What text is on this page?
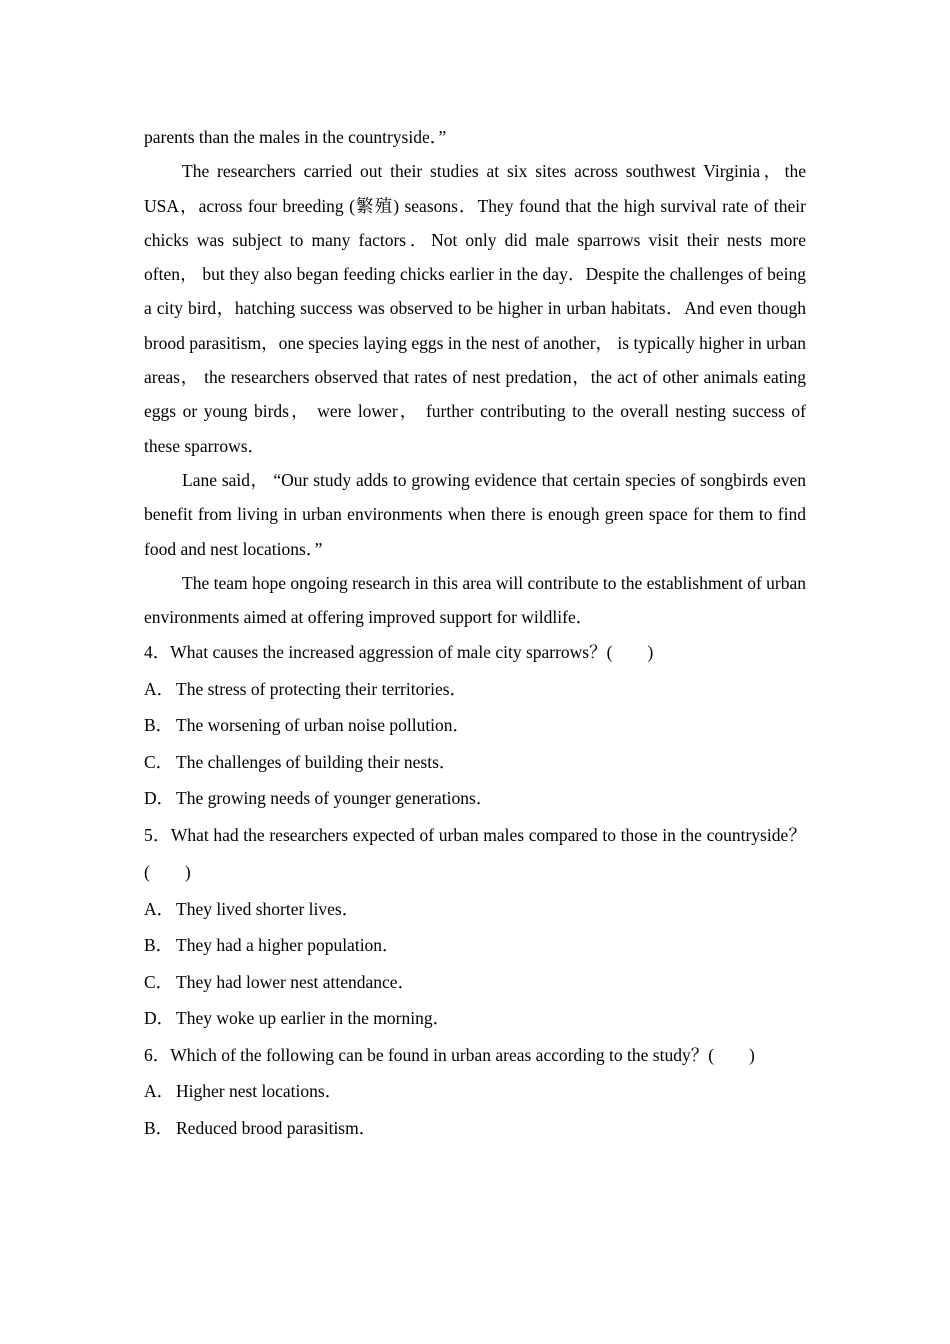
parents than the males in the countryside．”

The researchers carried out their studies at six sites across southwest Virginia，the USA，across four breeding (繁殖) seasons．They found that the high survival rate of their chicks was subject to many factors．Not only did male sparrows visit their nests more often， but they also began feeding chicks earlier in the day．Despite the challenges of being a city bird，hatching success was observed to be higher in urban habitats．And even though brood parasitism，one species laying eggs in the nest of another， is typically higher in urban areas， the researchers observed that rates of nest predation，the act of other animals eating eggs or young birds， were lower， further contributing to the overall nesting success of these sparrows．

Lane said， “Our study adds to growing evidence that certain species of songbirds even benefit from living in urban environments when there is enough green space for them to find food and nest locations．”

The team hope ongoing research in this area will contribute to the establishment of urban environments aimed at offering improved support for wildlife．

4．What causes the increased aggression of male city sparrows？(　　)

A． The stress of protecting their territories．

B． The worsening of urban noise pollution．

C． The challenges of building their nests．

D． The growing needs of younger generations．

5．What had the researchers expected of urban males compared to those in the countryside？(　　)

A． They lived shorter lives．

B． They had a higher population．

C． They had lower nest attendance．

D． They woke up earlier in the morning．

6．Which of the following can be found in urban areas according to the study？(　　)

A． Higher nest locations．

B． Reduced brood parasitism．
